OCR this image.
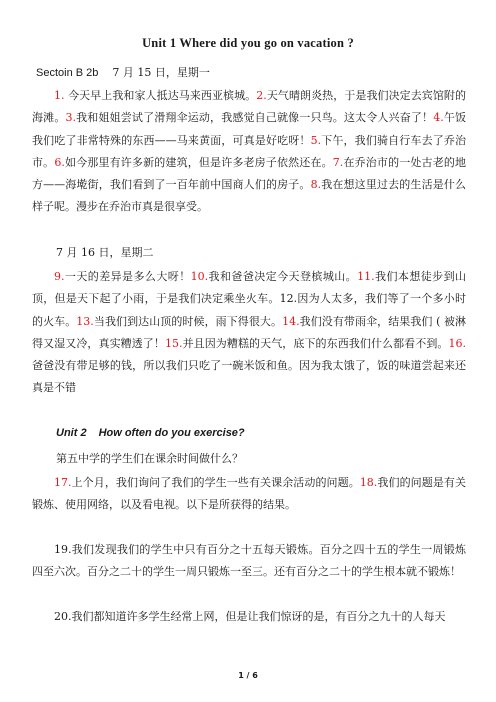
Unit 1 Where did you go on vacation ?
Sectoin B 2b 7 月 15 日，星期一

1. 今天早上我和家人抵达马来西亚槟城。2.天气晴朗炎热，于是我们决定去宾馆附的海滩。3.我和姐姐尝试了滑翔伞运动，我感觉自己就像一只鸟。这太令人兴奋了！4.午饭我们吃了非常特殊的东西——马来黄面，可真是好吃呀！5.下午，我们骑自行车去了乔治市。6.如今那里有许多新的建筑，但是许多老房子依然还在。7.在乔治市的一处古老的地方——海墘街，我们看到了一百年前中国商人们的房子。8.我在想这里过去的生活是什么样子呢。漫步在乔治市真是很享受。

7 月 16 日，星期二

9.一天的差异是多么大呀！10.我和爸爸决定今天登槟城山。11.我们本想徒步到山顶，但是天下起了小雨，于是我们决定乘坐火车。12.因为人太多，我们等了一个多小时的火车。13.当我们到达山顶的时候，雨下得很大。14.我们没有带雨伞，结果我们 ( 被淋得又湿又冷，真实糟透了！15.并且因为糟糕的天气，底下的东西我们什么都看不到。16.爸爸没有带足够的钱，所以我们只吃了一碗米饭和鱼。因为我太饿了，饭的味道尝起来还真是不错

Unit 2 How often do you exercise?

第五中学的学生们在课余时间做什么？

17.上个月，我们询问了我们的学生一些有关课余活动的问题。18.我们的问题是有关锻炼、使用网络，以及看电视。以下是所获得的结果。

19.我们发现我们的学生中只有百分之十五每天锻炼。百分之四十五的学生一周锻炼四至六次。百分之二十的学生一周只锻炼一至三。还有百分之二十的学生根本就不锻炼！

20.我们都知道许多学生经常上网，但是让我们惊讶的是，有百分之九十的人每天

1 / 6
